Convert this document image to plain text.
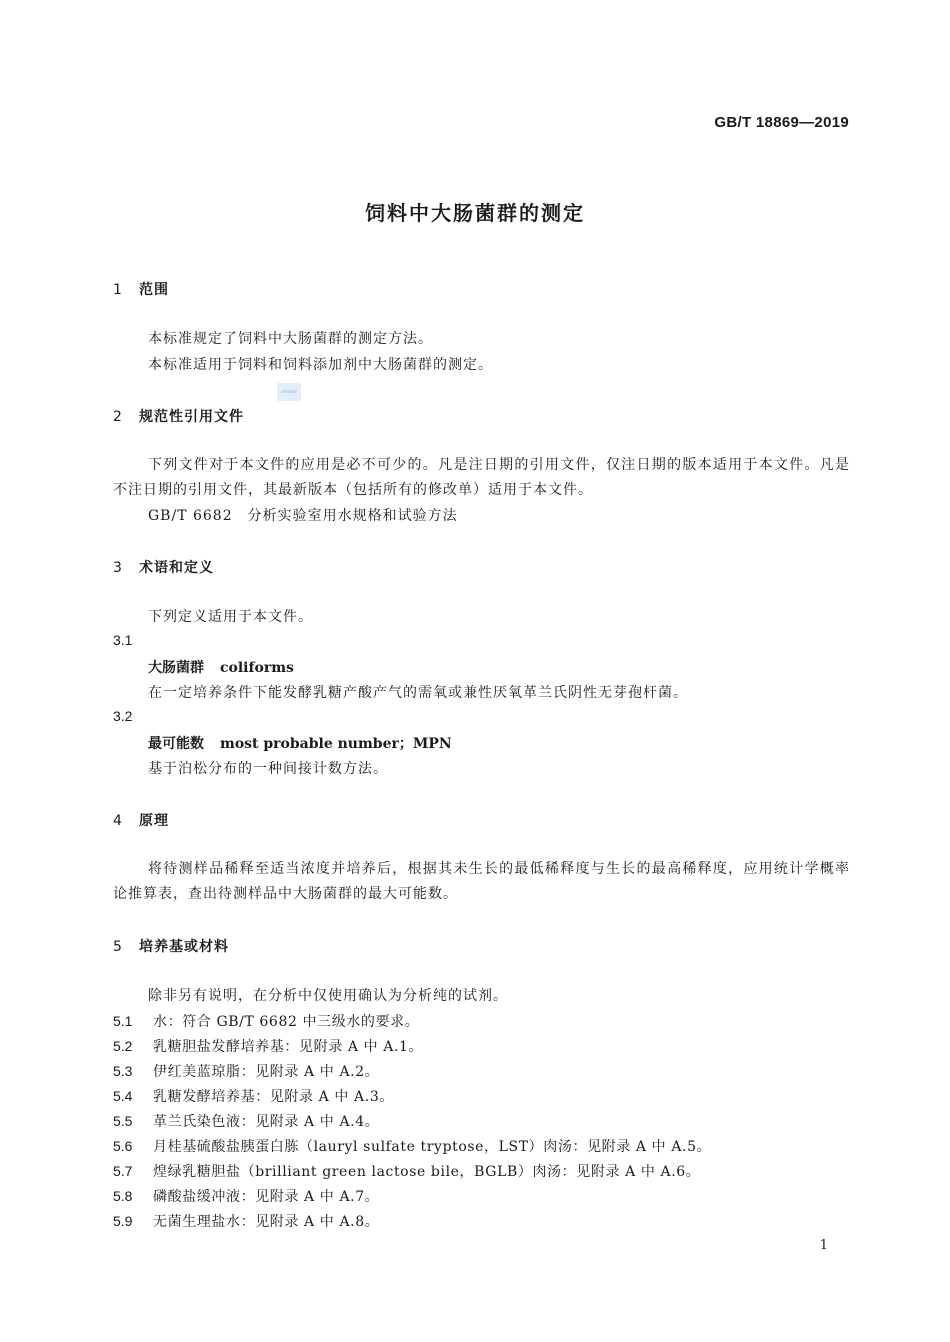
GB/T 18869—2019
饲料中大肠菌群的测定
1 范围
本标准规定了饲料中大肠菌群的测定方法。
本标准适用于饲料和饲料添加剂中大肠菌群的测定。
2 规范性引用文件
下列文件对于本文件的应用是必不可少的。凡是注日期的引用文件，仅注日期的版本适用于本文件。凡是不注日期的引用文件，其最新版本（包括所有的修改单）适用于本文件。
GB/T 6682　分析实验室用水规格和试验方法
3 术语和定义
下列定义适用于本文件。
3.1
大肠菌群 coliforms
在一定培养条件下能发酵乳糖产酸产气的需氧或兼性厌氧革兰氏阴性无芽孢杆菌。
3.2
最可能数 most probable number；MPN
基于泊松分布的一种间接计数方法。
4 原理
将待测样品稀释至适当浓度并培养后，根据其未生长的最低稀释度与生长的最高稀释度，应用统计学概率论推算表，查出待测样品中大肠菌群的最大可能数。
5 培养基或材料
除非另有说明，在分析中仅使用确认为分析纯的试剂。
5.1 水：符合 GB/T 6682 中三级水的要求。
5.2 乳糖胆盐发酵培养基：见附录 A 中 A.1。
5.3 伊红美蓝琼脂：见附录 A 中 A.2。
5.4 乳糖发酵培养基：见附录 A 中 A.3。
5.5 革兰氏染色液：见附录 A 中 A.4。
5.6 月桂基硫酸盐胰蛋白胨（lauryl sulfate tryptose，LST）肉汤：见附录 A 中 A.5。
5.7 煌绿乳糖胆盐（brilliant green lactose bile，BGLB）肉汤：见附录 A 中 A.6。
5.8 磷酸盐缓冲液：见附录 A 中 A.7。
5.9 无菌生理盐水：见附录 A 中 A.8。
1
